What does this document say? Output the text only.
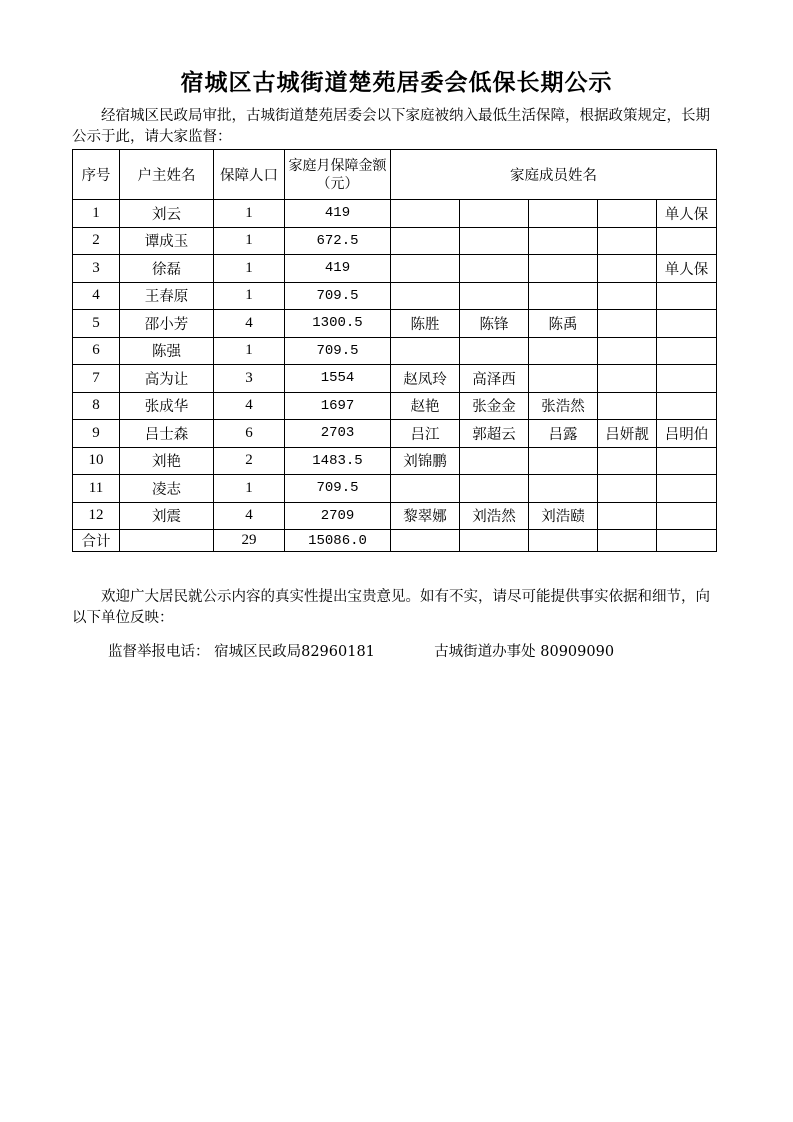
宿城区古城街道楚苑居委会低保长期公示
经宿城区民政局审批，古城街道楚苑居委会以下家庭被纳入最低生活保障，根据政策规定，长期公示于此，请大家监督：
序号	户主姓名	保障人口	家庭月保障金额（元）	家庭成员姓名				
1	刘云	1	419					单人保
2	谭成玉	1	672.5					
3	徐磊	1	419					单人保
4	王春原	1	709.5					
5	邵小芳	4	1300.5	陈胜	陈锋	陈禹		
6	陈强	1	709.5					
7	高为让	3	1554	赵凤玲	高泽西			
8	张成华	4	1697	赵艳	张金金	张浩然		
9	吕士森	6	2703	吕江	郭超云	吕露	吕妍靓	吕明伯
10	刘艳	2	1483.5	刘锦鹏				
11	凌志	1	709.5					
12	刘震	4	2709	黎翠娜	刘浩然	刘浩赜		
合计		29	15086.0					
欢迎广大居民就公示内容的真实性提出宝贵意见。如有不实，请尽可能提供事实依据和细节，向以下单位反映：
监督举报电话： 宿城区民政局82960181	古城街道办事处 80909090
